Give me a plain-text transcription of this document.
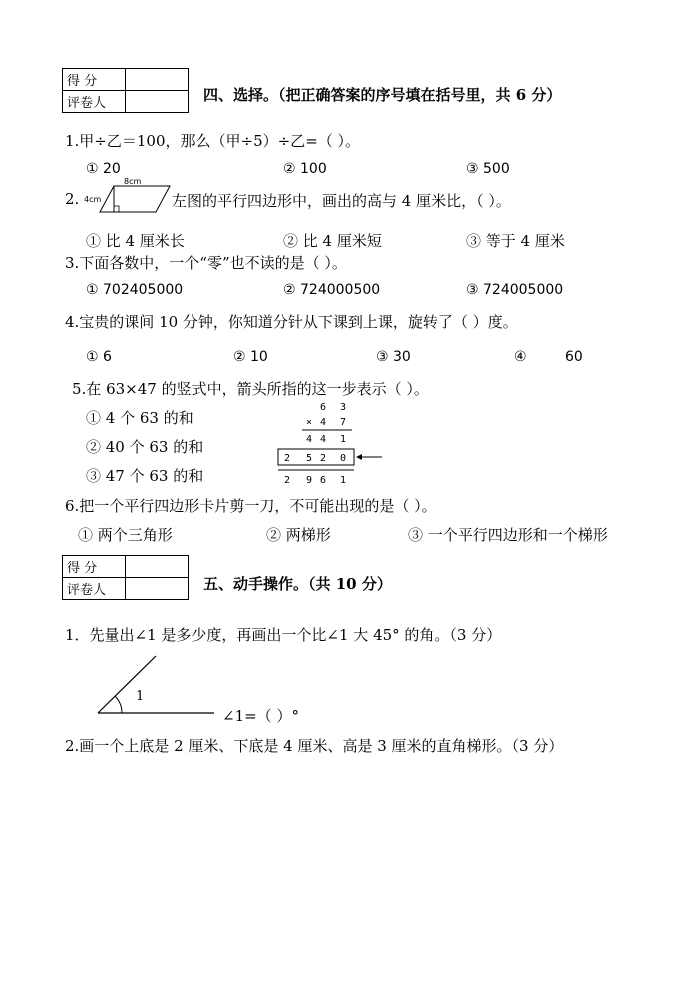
得 分	
评卷人		四、选择。（把正确答案的序号填在括号里，共 6 分）
1.甲÷乙＝100，那么（甲÷5）÷乙=（ ）。
① 20	② 100	③ 500
2.
8cm
4cm	左图的平行四边形中，画出的高与 4 厘米比，（ ）。
① 比 4 厘米长	② 比 4 厘米短	③ 等于 4 厘米
3.下面各数中，一个“零”也不读的是（ ）。
① 702405000	② 724000500	③ 724005000
4.宝贵的课间 10 分钟，你知道分针从下课到上课，旋转了（ ）度。
① 6	② 10	③ 30	④	60
5.在 63×47 的竖式中，箭头所指的这一步表示（ ）。
① 4 个 63 的和
② 40 个 63 的和
③ 47 个 63 的和
6 3
× 4 7
4 4 1
2 5 2 0
2 9 6 1
6.把一个平行四边形卡片剪一刀，不可能出现的是（ ）。
① 两个三角形	② 两梯形	③ 一个平行四边形和一个梯形
得 分	
评卷人		五、动手操作。（共 10 分）
1．先量出∠1 是多少度，再画出一个比∠1 大 45° 的角。（3 分）
1
∠1=（ ）°
2.画一个上底是 2 厘米、下底是 4 厘米、高是 3 厘米的直角梯形。（3 分）
